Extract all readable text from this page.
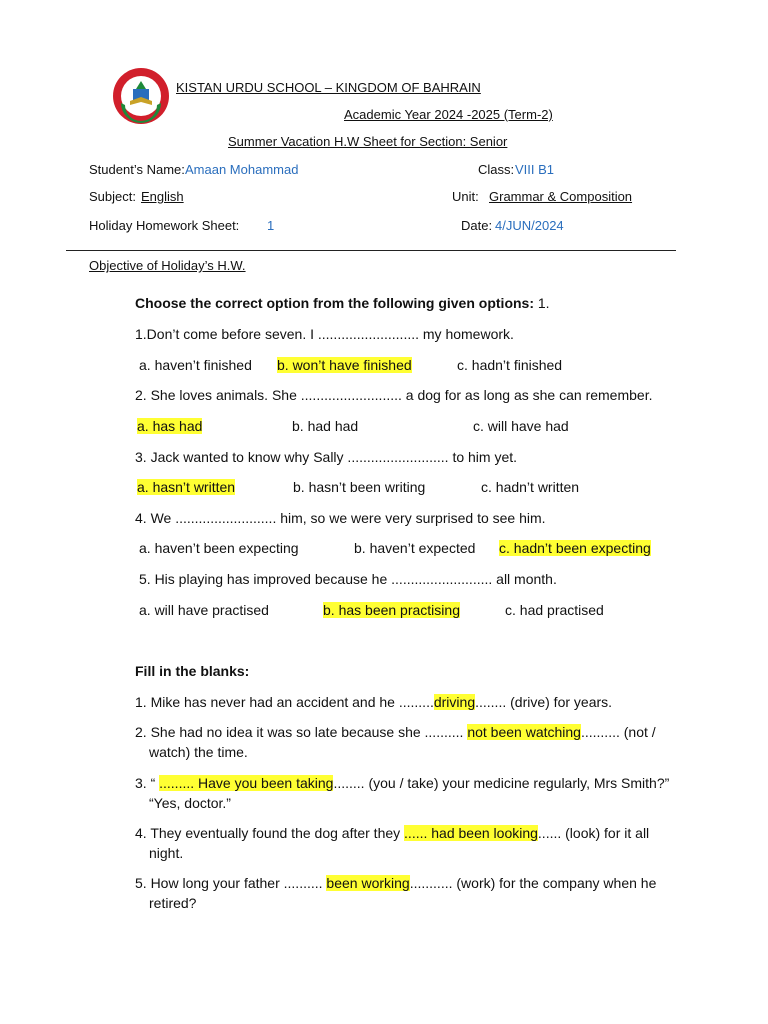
KISTAN URDU SCHOOL – KINGDOM OF BAHRAIN
Academic Year 2024 -2025 (Term-2)
Summer Vacation H.W Sheet for Section: Senior
Student’s Name: Amaan Mohammad	Class: VIII B1
Subject: English	Unit: Grammar & Composition
Holiday Homework Sheet: 1	Date: 4/JUN/2024
Objective of Holiday’s H.W.
Choose the correct option from the following given options: 1.
1.Don’t come before seven. I .......................... my homework.
a. haven’t finished b. won’t have finished	c. hadn’t finished
2. She loves animals. She .......................... a dog for as long as she can remember.
a. has had	b. had had	c. will have had
3. Jack wanted to know why Sally .......................... to him yet.
a. hasn’t written	b. hasn’t been writing	c. hadn’t written
4. We .......................... him, so we were very surprised to see him.
a. haven’t been expecting	b. haven’t expected c. hadn’t been expecting
5. His playing has improved because he .......................... all month.
a. will have practised	b. has been practising	c. had practised
Fill in the blanks:
1. Mike has never had an accident and he .........driving........ (drive) for years.
2. She had no idea it was so late because she .......... not been watching.......... (not / watch) the time.
3. “ ......... Have you been taking........ (you / take) your medicine regularly, Mrs Smith?” “Yes, doctor.”
4. They eventually found the dog after they ...... had been looking...... (look) for it all night.
5. How long your father .......... been working........... (work) for the company when he retired?
